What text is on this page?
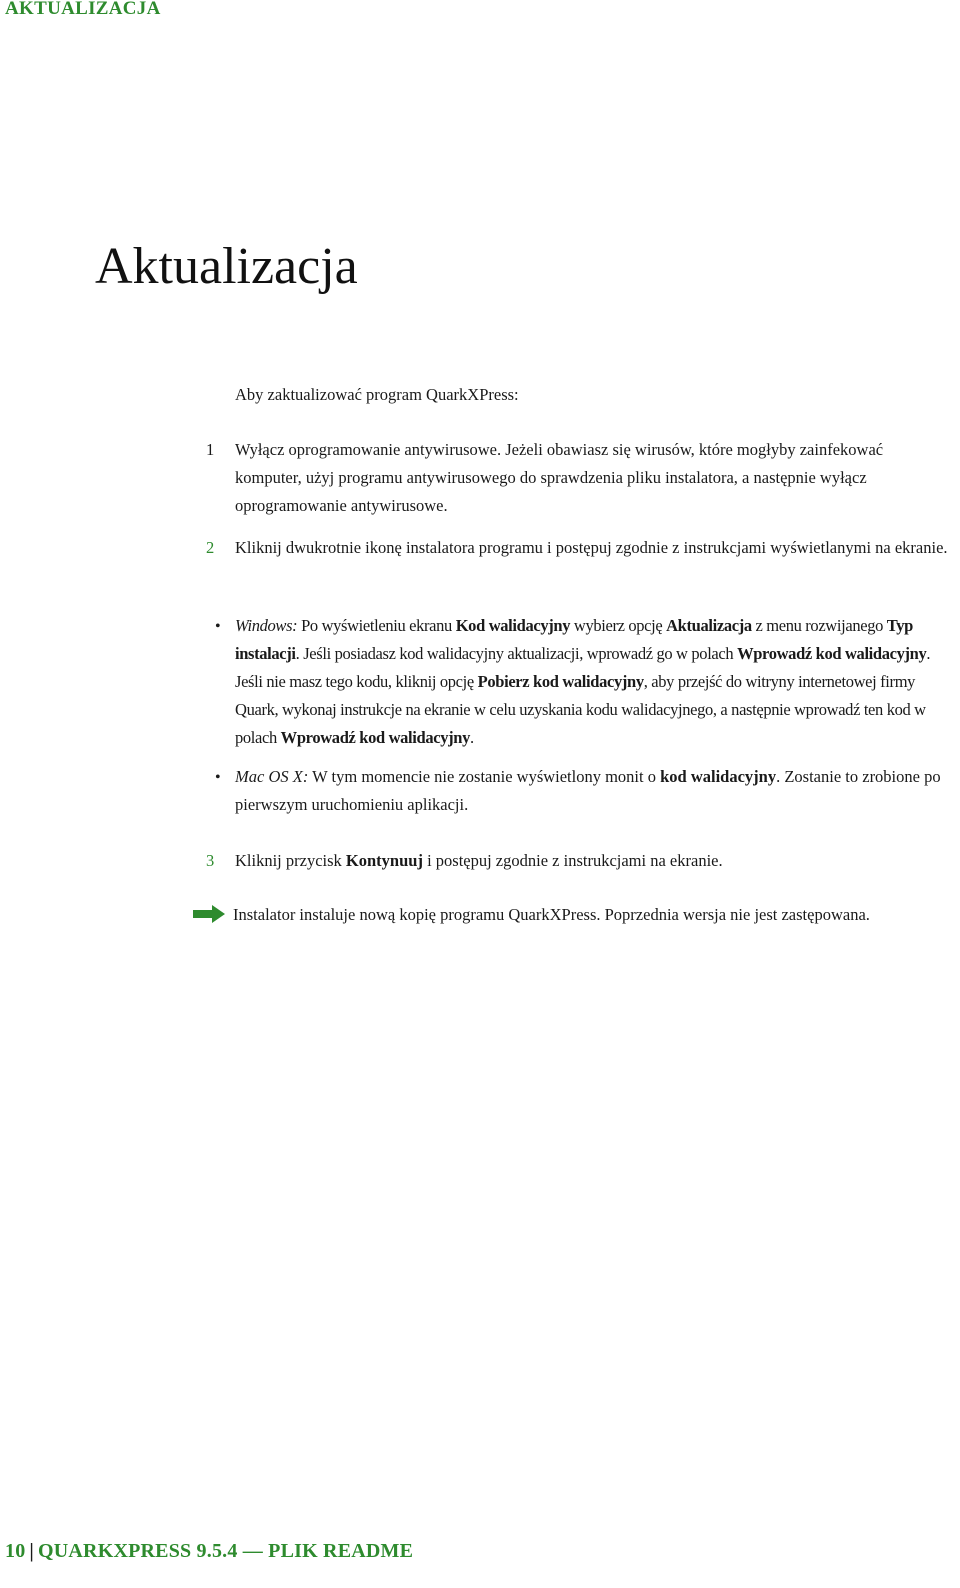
AKTUALIZACJA
Aktualizacja

Aby zaktualizować program QuarkXPress:

1 Wyłącz oprogramowanie antywirusowe. Jeżeli obawiasz się wirusów, które mogłyby zainfekować komputer, użyj programu antywirusowego do sprawdzenia pliku instalatora, a następnie wyłącz oprogramowanie antywirusowe.

2 Kliknij dwukrotnie ikonę instalatora programu i postępuj zgodnie z instrukcjami wyświetlanymi na ekranie.

• Windows: Po wyświetleniu ekranu Kod walidacyjny wybierz opcję Aktualizacja z menu rozwijanego Typ instalacji. Jeśli posiadasz kod walidacyjny aktualizacji, wprowadź go w polach Wprowadź kod walidacyjny. Jeśli nie masz tego kodu, kliknij opcję Pobierz kod walidacyjny, aby przejść do witryny internetowej firmy Quark, wykonaj instrukcje na ekranie w celu uzyskania kodu walidacyjnego, a następnie wprowadź ten kod w polach Wprowadź kod walidacyjny.

• Mac OS X: W tym momencie nie zostanie wyświetlony monit o kod walidacyjny. Zostanie to zrobione po pierwszym uruchomieniu aplikacji.

3 Kliknij przycisk Kontynuuj i postępuj zgodnie z instrukcjami na ekranie.

Instalator instaluje nową kopię programu QuarkXPress. Poprzednia wersja nie jest zastępowana.

10 | QUARKXPRESS 9.5.4 — PLIK README
